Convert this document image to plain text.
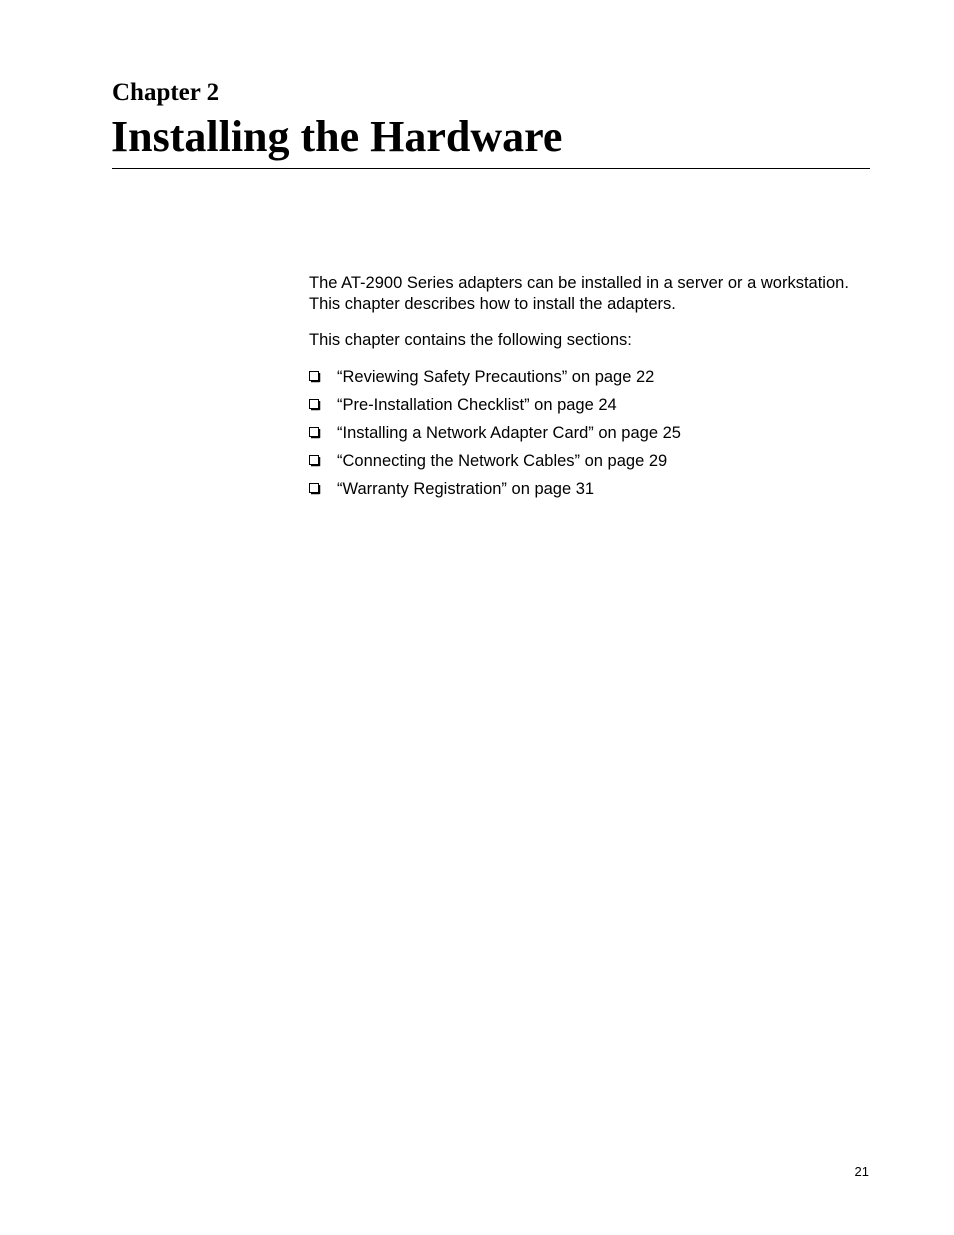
Chapter 2
Installing the Hardware

The AT-2900 Series adapters can be installed in a server or a workstation.
This chapter describes how to install the adapters.

This chapter contains the following sections:

“Reviewing Safety Precautions” on page 22
“Pre-Installation Checklist” on page 24
“Installing a Network Adapter Card” on page 25
“Connecting the Network Cables” on page 29
“Warranty Registration” on page 31
21
